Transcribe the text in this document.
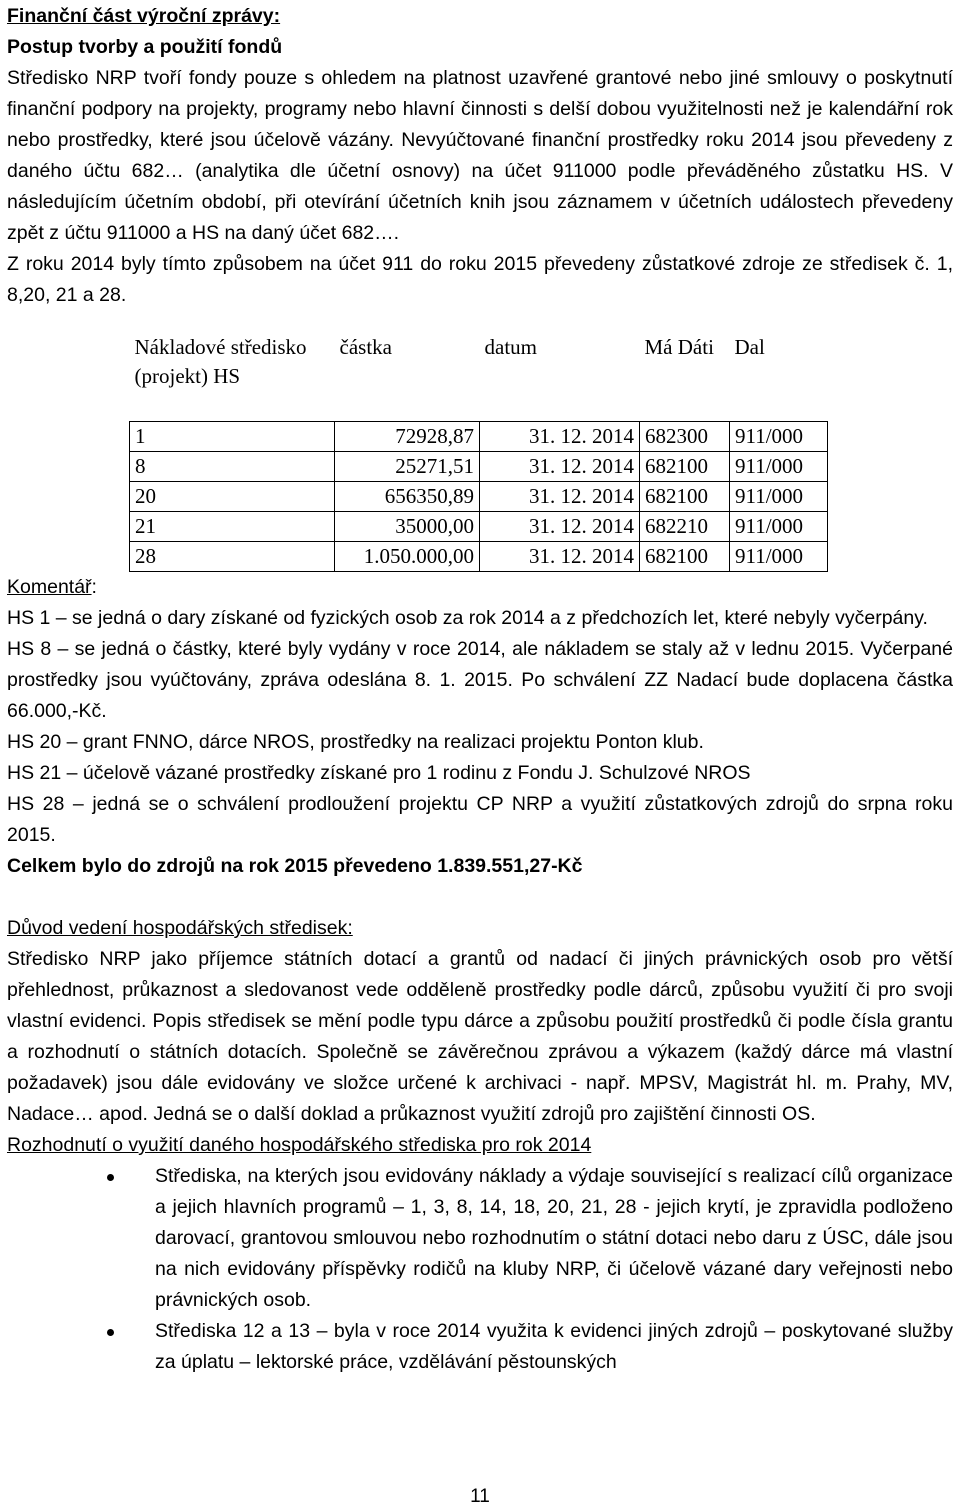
Finanční část výroční zprávy:

Postup tvorby a použití fondů

Středisko NRP tvoří fondy pouze s ohledem na platnost uzavřené grantové nebo jiné smlouvy o poskytnutí finanční podpory na projekty, programy nebo hlavní činnosti s delší dobou využitelnosti než je kalendářní rok nebo prostředky, které jsou účelově vázány. Nevyúčtované finanční prostředky roku 2014 jsou převedeny z daného účtu 682… (analytika dle účetní osnovy) na účet 911000 podle převáděného zůstatku HS. V následujícím účetním období, při otevírání účetních knih jsou záznamem v účetních událostech převedeny zpět z účtu 911000 a HS na daný účet 682….

Z roku 2014 byly tímto způsobem na účet 911 do roku 2015 převedeny zůstatkové zdroje ze středisek č. 1, 8,20, 21 a 28.

Nákladové středisko (projekt) HS	částka	datum	Má Dáti	Dal
1	72928,87	31. 12. 2014	682300	911/000
8	25271,51	31. 12. 2014	682100	911/000
20	656350,89	31. 12. 2014	682100	911/000
21	35000,00	31. 12. 2014	682210	911/000
28	1.050.000,00	31. 12. 2014	682100	911/000

Komentář:

HS 1 – se jedná o dary získané od fyzických osob za rok 2014 a z předchozích let, které nebyly vyčerpány.

HS 8 – se jedná o částky, které byly vydány v roce 2014, ale nákladem se staly až v lednu 2015. Vyčerpané prostředky jsou vyúčtovány, zpráva odeslána 8. 1. 2015. Po schválení ZZ Nadací bude doplacena částka 66.000,-Kč.

HS 20 – grant FNNO, dárce NROS, prostředky na realizaci projektu Ponton klub.

HS 21 – účelově vázané prostředky získané pro 1 rodinu z Fondu J. Schulzové NROS

HS 28 – jedná se o schválení prodloužení projektu CP NRP a využití zůstatkových zdrojů do srpna roku 2015.

Celkem bylo do zdrojů na rok 2015 převedeno 1.839.551,27-Kč

Důvod vedení hospodářských středisek:

Středisko NRP jako příjemce státních dotací a grantů od nadací či jiných právnických osob pro větší přehlednost, průkaznost a sledovanost vede odděleně prostředky podle dárců, způsobu využití či pro svoji vlastní evidenci. Popis středisek se mění podle typu dárce a způsobu použití prostředků či podle čísla grantu a rozhodnutí o státních dotacích. Společně se závěrečnou zprávou a výkazem (každý dárce má vlastní požadavek) jsou dále evidovány ve složce určené k archivaci - např. MPSV, Magistrát hl. m. Prahy, MV, Nadace… apod. Jedná se o další doklad a průkaznost využití zdrojů pro zajištění činnosti OS.

Rozhodnutí o využití daného hospodářského střediska pro rok 2014

Střediska, na kterých jsou evidovány náklady a výdaje související s realizací cílů organizace a jejich hlavních programů – 1, 3, 8, 14, 18, 20, 21, 28 - jejich krytí, je zpravidla podloženo darovací, grantovou smlouvou nebo rozhodnutím o státní dotaci nebo daru z ÚSC, dále jsou na nich evidovány příspěvky rodičů na kluby NRP, či účelově vázané dary veřejnosti nebo právnických osob.
Střediska 12 a 13 – byla v roce 2014 využita k evidenci jiných zdrojů – poskytované služby za úplatu – lektorské práce, vzdělávání pěstounských
11
